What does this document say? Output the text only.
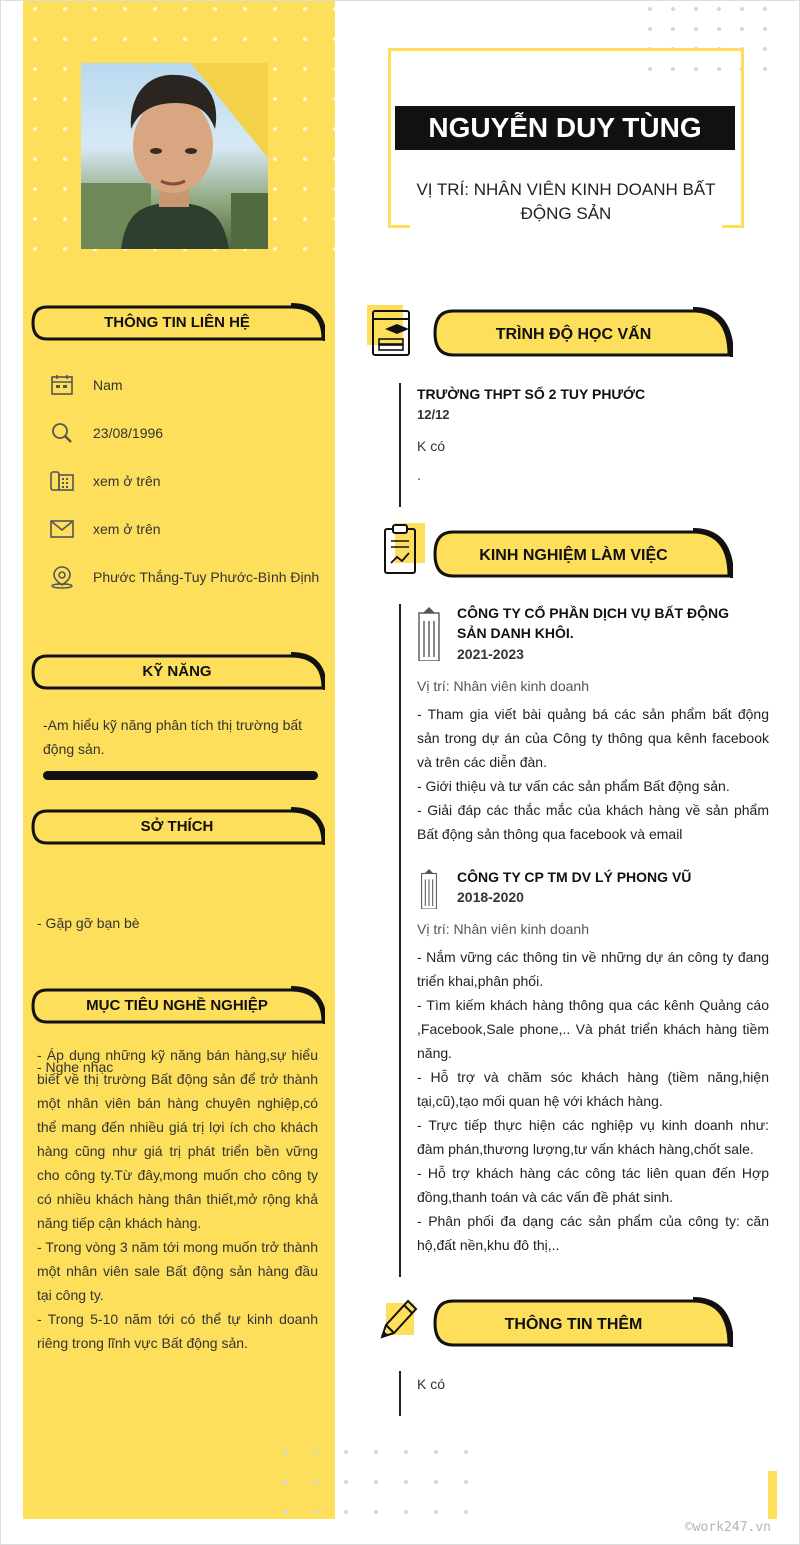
THÔNG TIN LIÊN HỆ
Nam
23/08/1996
xem ở trên
xem ở trên
Phước Thắng-Tuy Phước-Bình Định
KỸ NĂNG
-Am hiểu kỹ năng phân tích thị trường bất động sản.
SỞ THÍCH

- Gặp gỡ bạn bè

- Nghe nhạc

MỤC TIÊU NGHỀ NGHIỆP
- Áp dụng những kỹ năng bán hàng,sự hiểu biết về thị trường Bất động sản để trở thành một nhân viên bán hàng chuyên nghiệp,có thể mang đến nhiều giá trị lợi ích cho khách hàng cũng như giá trị phát triển bền vững cho công ty.Từ đây,mong muốn cho công ty có nhiều khách hàng thân thiết,mở rộng khả năng tiếp cận khách hàng.
- Trong vòng 3 năm tới mong muốn trở thành một nhân viên sale Bất động sản hàng đầu tại công ty.
- Trong 5-10 năm tới có thể tự kinh doanh riêng trong lĩnh vực Bất động sản.
NGUYỄN DUY TÙNG
VỊ TRÍ: NHÂN VIÊN KINH DOANH BẤT ĐỘNG SẢN
TRÌNH ĐỘ HỌC VẤN
TRƯỜNG THPT SỐ 2 TUY PHƯỚC
12/12
K có
.
KINH NGHIỆM LÀM VIỆC
CÔNG TY CỔ PHẦN DỊCH VỤ BẤT ĐỘNG SẢN DANH KHÔI.
2021-2023
Vị trí: Nhân viên kinh doanh
- Tham gia viết bài quảng bá các sản phẩm bất động sản trong dự án của Công ty thông qua kênh facebook và trên các diễn đàn.
- Giới thiệu và tư vấn các sản phẩm Bất động sản.
- Giải đáp các thắc mắc của khách hàng về sản phẩm Bất động sản thông qua facebook và email
CÔNG TY CP TM DV LÝ PHONG VŨ
2018-2020
Vị trí: Nhân viên kinh doanh
- Nắm vững các thông tin về những dự án công ty đang triển khai,phân phối.
- Tìm kiếm khách hàng thông qua các kênh Quảng cáo ,Facebook,Sale phone,.. Và phát triển khách hàng tiềm năng.
- Hỗ trợ và chăm sóc khách hàng (tiềm năng,hiện tại,cũ),tạo mối quan hệ với khách hàng.
- Trực tiếp thực hiện các nghiệp vụ kinh doanh như: đàm phán,thương lượng,tư vấn khách hàng,chốt sale.
- Hỗ trợ khách hàng các công tác liên quan đến Hợp đồng,thanh toán và các vấn đề phát sinh.
- Phân phối đa dạng các sản phẩm của công ty: căn hộ,đất nền,khu đô thị,..
THÔNG TIN THÊM
K có
©work247.vn
